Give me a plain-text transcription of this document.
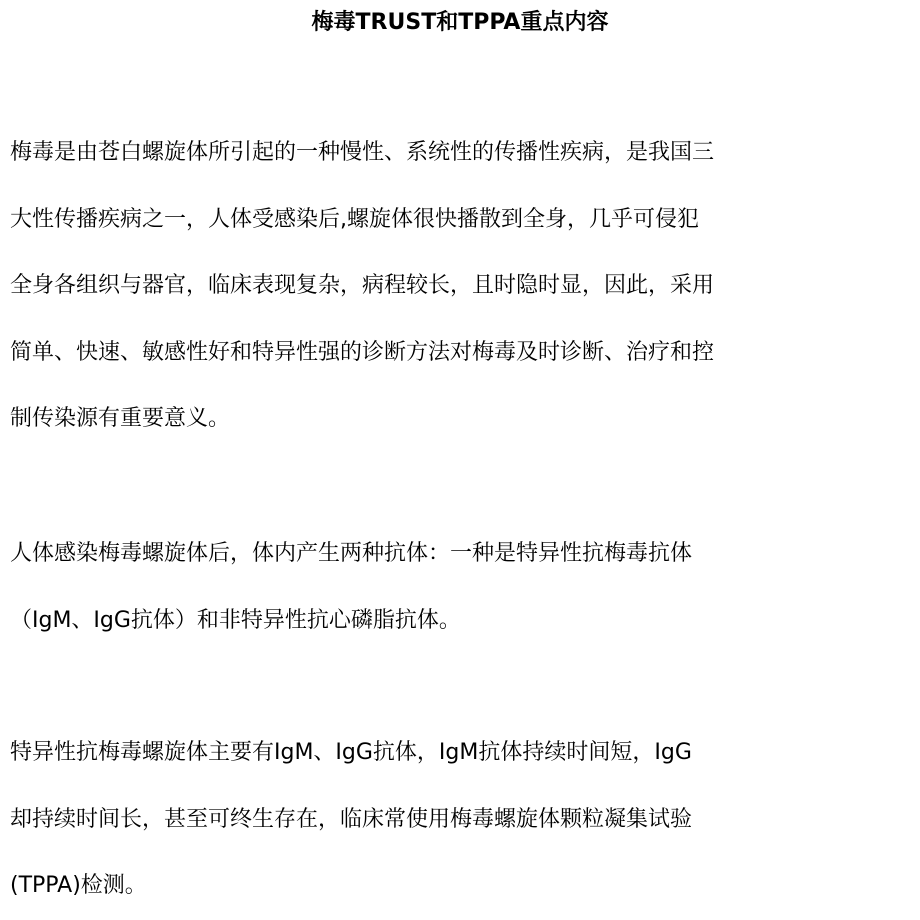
梅毒TRUST和TPPA重点内容
梅毒是由苍白螺旋体所引起的一种慢性、系统性的传播性疾病，是我国三
大性传播疾病之一，人体受感染后,螺旋体很快播散到全身，几乎可侵犯
全身各组织与器官，临床表现复杂，病程较长，且时隐时显，因此，采用
简单、快速、敏感性好和特异性强的诊断方法对梅毒及时诊断、治疗和控
制传染源有重要意义。
人体感染梅毒螺旋体后，体内产生两种抗体：一种是特异性抗梅毒抗体
（IgM、IgG抗体）和非特异性抗心磷脂抗体。
特异性抗梅毒螺旋体主要有IgM、IgG抗体，IgM抗体持续时间短，IgG
却持续时间长，甚至可终生存在，临床常使用梅毒螺旋体颗粒凝集试验
(TPPA)检测。
